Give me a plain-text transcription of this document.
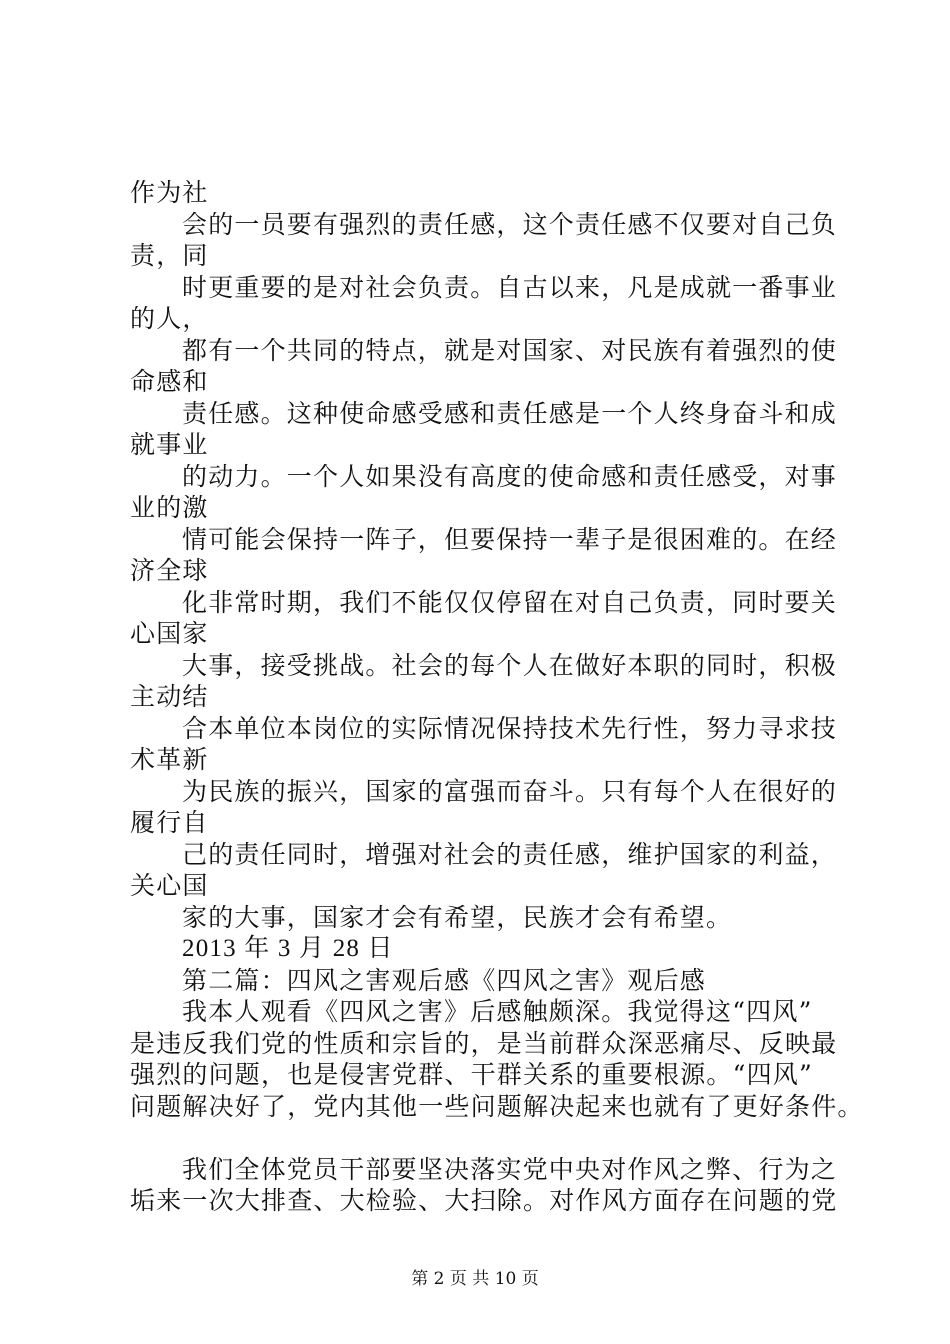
作为社
会的一员要有强烈的责任感，这个责任感不仅要对自己负
责，同
时更重要的是对社会负责。自古以来，凡是成就一番事业
的人，
都有一个共同的特点，就是对国家、对民族有着强烈的使
命感和
责任感。这种使命感受感和责任感是一个人终身奋斗和成
就事业
的动力。一个人如果没有高度的使命感和责任感受，对事
业的激
情可能会保持一阵子，但要保持一辈子是很困难的。在经
济全球
化非常时期，我们不能仅仅停留在对自己负责，同时要关
心国家
大事，接受挑战。社会的每个人在做好本职的同时，积极
主动结
合本单位本岗位的实际情况保持技术先行性，努力寻求技
术革新
为民族的振兴，国家的富强而奋斗。只有每个人在很好的
履行自
己的责任同时，增强对社会的责任感，维护国家的利益，
关心国
家的大事，国家才会有希望，民族才会有希望。
2013 年 3 月 28 日
第二篇：四风之害观后感《四风之害》观后感
我本人观看《四风之害》后感触颇深。我觉得这“四风”
是违反我们党的性质和宗旨的，是当前群众深恶痛尽、反映最
强烈的问题，也是侵害党群、干群关系的重要根源。“四风”
问题解决好了，党内其他一些问题解决起来也就有了更好条件。
我们全体党员干部要坚决落实党中央对作风之弊、行为之
垢来一次大排查、大检验、大扫除。对作风方面存在问题的党
第 2 页 共 10 页
